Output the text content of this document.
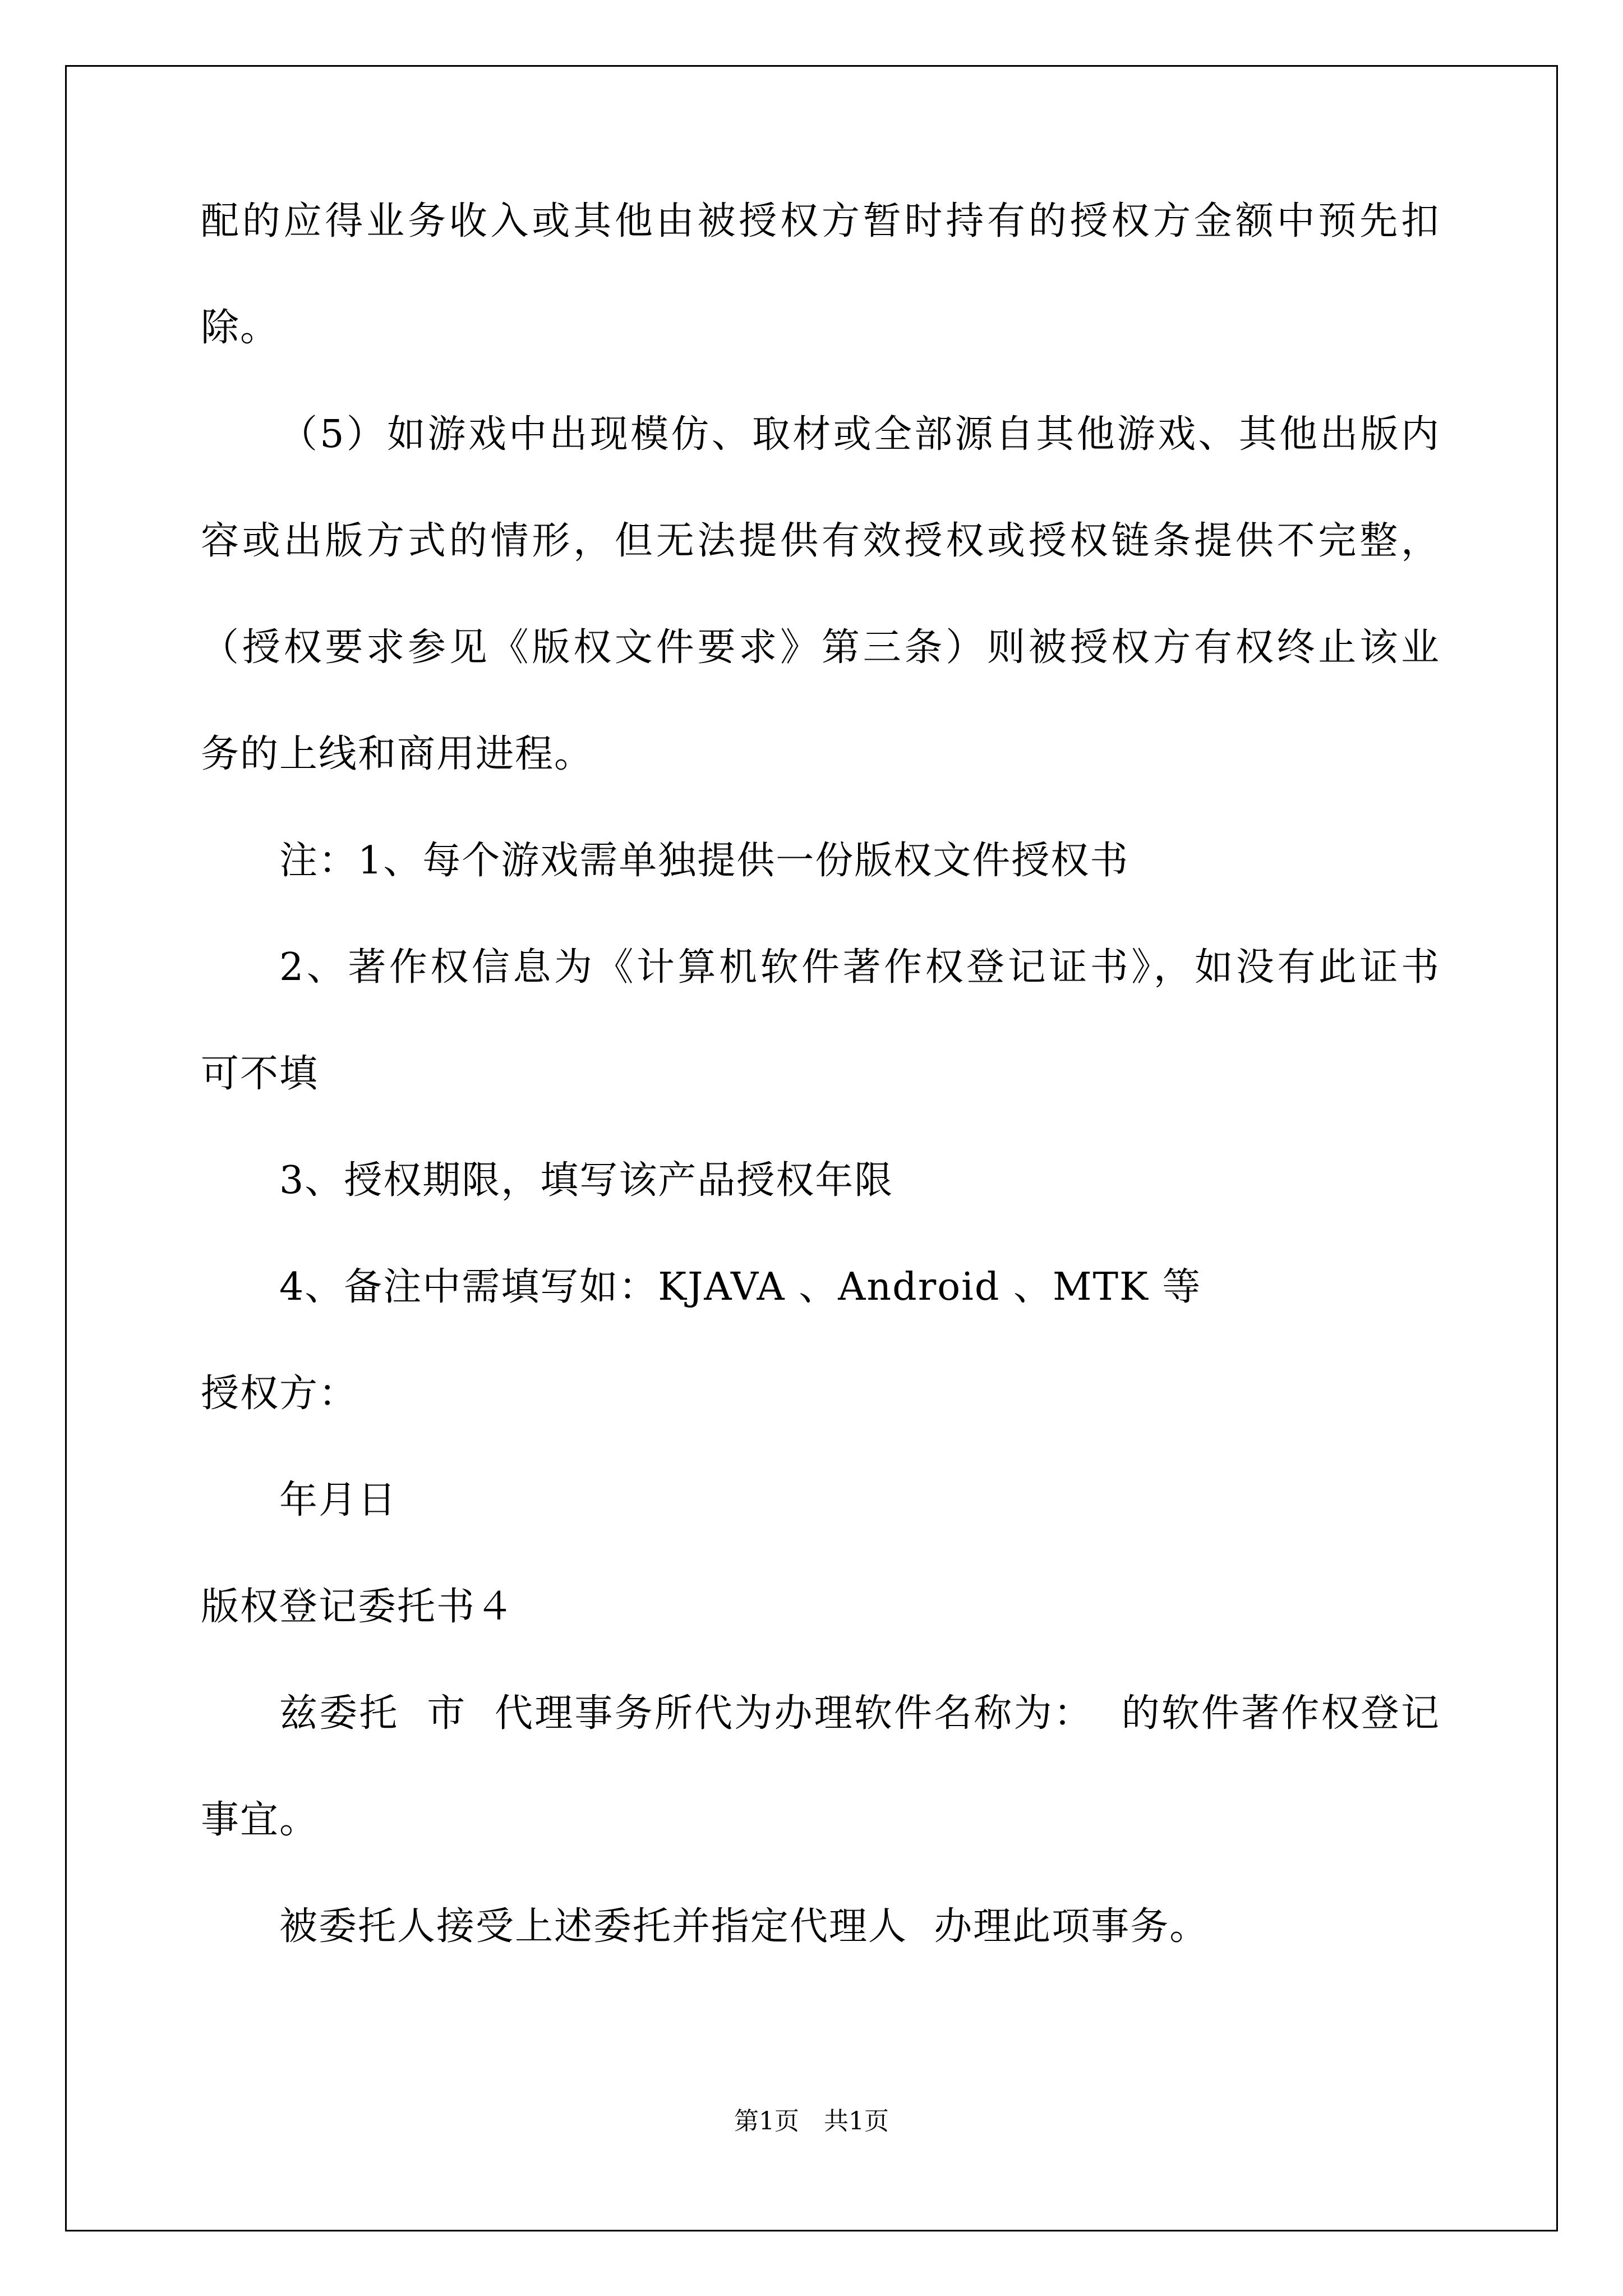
配的应得业务收入或其他由被授权方暂时持有的授权方金额中预先扣

除。

（5）如游戏中出现模仿、取材或全部源自其他游戏、其他出版内

容或出版方式的情形，但无法提供有效授权或授权链条提供不完整，

（授权要求参见《版权文件要求》第三条）则被授权方有权终止该业

务的上线和商用进程。

注：1、每个游戏需单独提供一份版权文件授权书

2、著作权信息为《计算机软件著作权登记证书》，如没有此证书

可不填

3、授权期限，填写该产品授权年限

4、备注中需填写如：KJAVA 、Android 、MTK 等

授权方：

年月日

版权登记委托书４

兹委托  市  代理事务所代为办理软件名称为：  的软件著作权登记

事宜。

被委托人接受上述委托并指定代理人  办理此项事务。

第1页　共1页
